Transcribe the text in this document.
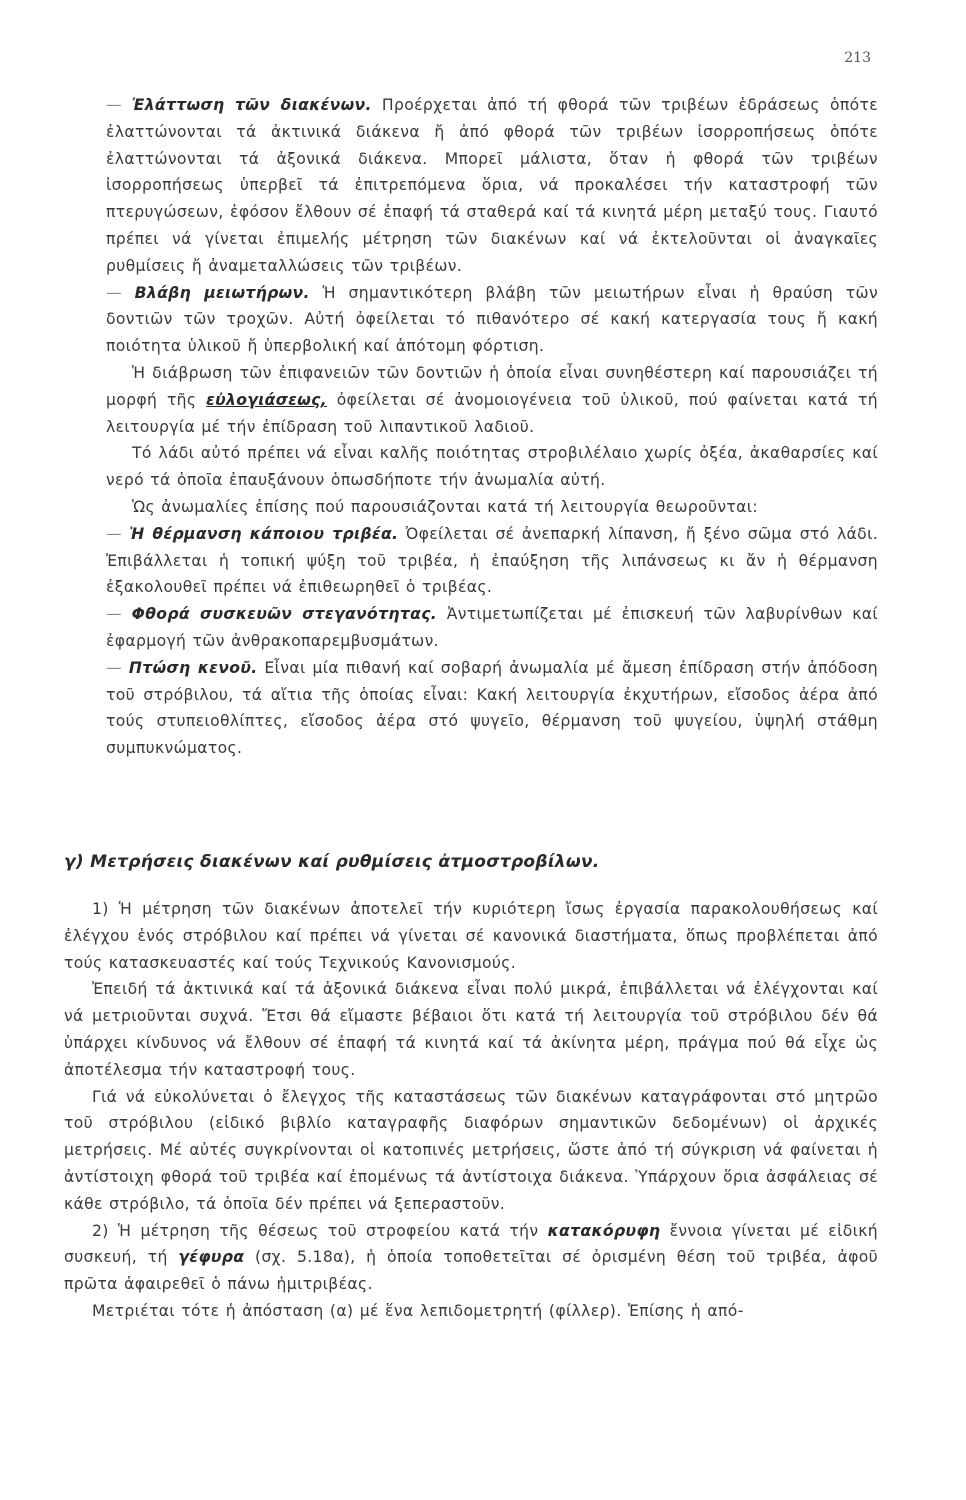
213

— Ἐλάττωση τῶν διακένων. Προέρχεται ἀπό τή φθορά τῶν τριβέων ἑδράσεως ὁπότε ἐλαττώνονται τά ἀκτινικά διάκενα ἤ ἀπό φθορά τῶν τριβέων ἰσορροπήσεως ὁπότε ἐλαττώνονται τά ἀξονικά διάκενα. Μπορεῖ μάλιστα, ὅταν ἡ φθορά τῶν τριβέων ἰσορροπήσεως ὑπερβεῖ τά ἐπιτρεπόμενα ὅρια, νά προκαλέσει τήν καταστροφή τῶν πτερυγώσεων, ἐφόσον ἔλθουν σέ ἐπαφή τά σταθερά καί τά κινητά μέρη μεταξύ τους. Γιαυτό πρέπει νά γίνεται ἐπιμελής μέτρηση τῶν διακένων καί νά ἐκτελοῦνται οἱ ἀναγκαῖες ρυθμίσεις ἤ ἀναμεταλλώσεις τῶν τριβέων.

— Βλάβη μειωτήρων. Ἡ σημαντικότερη βλάβη τῶν μειωτήρων εἶναι ἡ θραύση τῶν δοντιῶν τῶν τροχῶν. Αὐτή ὀφείλεται τό πιθανότερο σέ κακή κατεργασία τους ἤ κακή ποιότητα ὑλικοῦ ἤ ὑπερβολική καί ἀπότομη φόρτιση.

Ἡ διάβρωση τῶν ἐπιφανειῶν τῶν δοντιῶν ἡ ὁποία εἶναι συνηθέστερη καί παρουσιάζει τή μορφή τῆς εὐλογιάσεως, ὀφείλεται σέ ἀνομοιογένεια τοῦ ὑλικοῦ, πού φαίνεται κατά τή λειτουργία μέ τήν ἐπίδραση τοῦ λιπαντικοῦ λαδιοῦ.

Τό λάδι αὐτό πρέπει νά εἶναι καλῆς ποιότητας στροβιλέλαιο χωρίς ὀξέα, ἀκαθαρσίες καί νερό τά ὁποῖα ἐπαυξάνουν ὁπωσδήποτε τήν ἀνωμαλία αὐτή.

Ὡς ἀνωμαλίες ἐπίσης πού παρουσιάζονται κατά τή λειτουργία θεωροῦνται:

— Ἡ θέρμανση κάποιου τριβέα. Ὀφείλεται σέ ἀνεπαρκή λίπανση, ἤ ξένο σῶμα στό λάδι. Ἐπιβάλλεται ἡ τοπική ψύξη τοῦ τριβέα, ἡ ἐπαύξηση τῆς λιπάνσεως κι ἄν ἡ θέρμανση ἐξακολουθεῖ πρέπει νά ἐπιθεωρηθεῖ ὁ τριβέας.

— Φθορά συσκευῶν στεγανότητας. Ἀντιμετωπίζεται μέ ἐπισκευή τῶν λαβυρίνθων καί ἐφαρμογή τῶν ἀνθρακοπαρεμβυσμάτων.

— Πτώση κενοῦ. Εἶναι μία πιθανή καί σοβαρή ἀνωμαλία μέ ἄμεση ἐπίδραση στήν ἀπόδοση τοῦ στρόβιλου, τά αἴτια τῆς ὁποίας εἶναι: Κακή λειτουργία ἐκχυτήρων, εἴσοδος ἀέρα ἀπό τούς στυπειοθλίπτες, εἴσοδος ἀέρα στό ψυγεῖο, θέρμανση τοῦ ψυγείου, ὑψηλή στάθμη συμπυκνώματος.

γ) Μετρήσεις διακένων καί ρυθμίσεις ἀτμοστροβίλων.

1) Ἡ μέτρηση τῶν διακένων ἀποτελεῖ τήν κυριότερη ἴσως ἐργασία παρακολουθήσεως καί ἐλέγχου ἑνός στρόβιλου καί πρέπει νά γίνεται σέ κανονικά διαστήματα, ὅπως προβλέπεται ἀπό τούς κατασκευαστές καί τούς Τεχνικούς Κανονισμούς.

Ἐπειδή τά ἀκτινικά καί τά ἀξονικά διάκενα εἶναι πολύ μικρά, ἐπιβάλλεται νά ἐλέγχονται καί νά μετριοῦνται συχνά. Ἔτσι θά εἴμαστε βέβαιοι ὅτι κατά τή λειτουργία τοῦ στρόβιλου δέν θά ὑπάρχει κίνδυνος νά ἔλθουν σέ ἐπαφή τά κινητά καί τά ἀκίνητα μέρη, πράγμα πού θά εἶχε ὡς ἀποτέλεσμα τήν καταστροφή τους.

Γιά νά εὐκολύνεται ὁ ἔλεγχος τῆς καταστάσεως τῶν διακένων καταγράφονται στό μητρῶο τοῦ στρόβιλου (εἰδικό βιβλίο καταγραφῆς διαφόρων σημαντικῶν δεδομένων) οἱ ἀρχικές μετρήσεις. Μέ αὐτές συγκρίνονται οἱ κατοπινές μετρήσεις, ὥστε ἀπό τή σύγκριση νά φαίνεται ἡ ἀντίστοιχη φθορά τοῦ τριβέα καί ἑπομένως τά ἀντίστοιχα διάκενα. Ὑπάρχουν ὅρια ἀσφάλειας σέ κάθε στρόβιλο, τά ὁποῖα δέν πρέπει νά ξεπεραστοῦν.

2) Ἡ μέτρηση τῆς θέσεως τοῦ στροφείου κατά τήν κατακόρυφη ἔννοια γίνεται μέ εἰδική συσκευή, τή γέφυρα (σχ. 5.18α), ἡ ὁποία τοποθετεῖται σέ ὁρισμένη θέση τοῦ τριβέα, ἀφοῦ πρῶτα ἀφαιρεθεῖ ὁ πάνω ἡμιτριβέας.

Μετριέται τότε ἡ ἀπόσταση (α) μέ ἕνα λεπιδομετρητή (φίλλερ). Ἐπίσης ἡ από-
